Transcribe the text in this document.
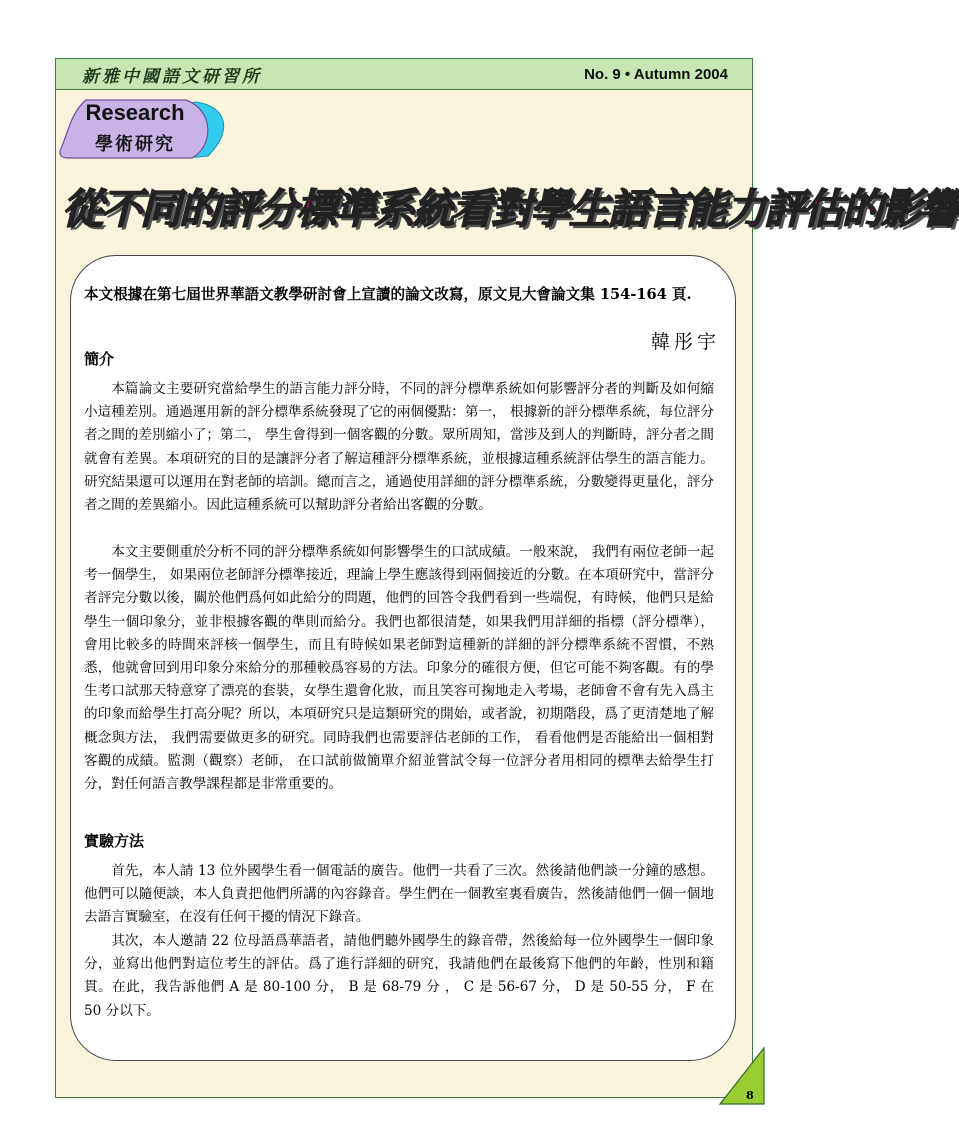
新雅中國語文研習所	No. 9 • Autumn 2004
Research
學術研究
從不同的評分標準系統看對學生語言能力評估的影響
本文根據在第七屆世界華語文教學研討會上宣讀的論文改寫，原文見大會論文集 154-164 頁.
韓彤宇
簡介

本篇論文主要研究當給學生的語言能力評分時，不同的評分標準系統如何影響評分者的判斷及如何縮小這種差別。通過運用新的評分標準系統發現了它的兩個優點：第一， 根據新的評分標準系統，每位評分者之間的差別縮小了；第二， 學生會得到一個客觀的分數。眾所周知，當涉及到人的判斷時，評分者之間就會有差異。本項研究的目的是讓評分者了解這種評分標準系統，並根據這種系統評估學生的語言能力。研究結果還可以運用在對老師的培訓。總而言之，通過使用詳細的評分標準系統，分數變得更量化，評分者之間的差異縮小。因此這種系統可以幫助評分者給出客觀的分數。

本文主要側重於分析不同的評分標準系統如何影響學生的口試成績。一般來說， 我們有兩位老師一起考一個學生， 如果兩位老師評分標準接近，理論上學生應該得到兩個接近的分數。在本項研究中，當評分者評完分數以後，關於他們爲何如此給分的問題，他們的回答令我們看到一些端倪，有時候，他們只是給學生一個印象分，並非根據客觀的準則而給分。我們也都很清楚，如果我們用詳細的指標（評分標準），會用比較多的時間來評核一個學生，而且有時候如果老師對這種新的詳細的評分標準系統不習慣，不熟悉，他就會回到用印象分來給分的那種較爲容易的方法。印象分的確很方便，但它可能不夠客觀。有的學生考口試那天特意穿了漂亮的套裝，女學生還會化妝，而且笑容可掬地走入考場，老師會不會有先入爲主的印象而給學生打高分呢？所以，本項研究只是這類研究的開始，或者說，初期階段，爲了更清楚地了解概念與方法， 我們需要做更多的研究。同時我們也需要評估老師的工作， 看看他們是否能給出一個相對客觀的成績。監測（觀察）老師， 在口試前做簡單介紹並嘗試令每一位評分者用相同的標準去給學生打分，對任何語言教學課程都是非常重要的。

實驗方法

首先，本人請 13 位外國學生看一個電話的廣告。他們一共看了三次。然後請他們談一分鐘的感想。他們可以隨便談，本人負責把他們所講的內容錄音。學生們在一個教室裏看廣告，然後請他們一個一個地去語言實驗室，在沒有任何干擾的情況下錄音。

其次，本人邀請 22 位母語爲華語者，請他們聽外國學生的錄音帶，然後給每一位外國學生一個印象分，並寫出他們對這位考生的評估。爲了進行詳細的研究，我請他們在最後寫下他們的年齡，性別和籍貫。在此，我告訴他們 A 是 80-100 分， B 是 68-79 分 ， C 是 56-67 分， D 是 50-55 分， F 在 50 分以下。

8
